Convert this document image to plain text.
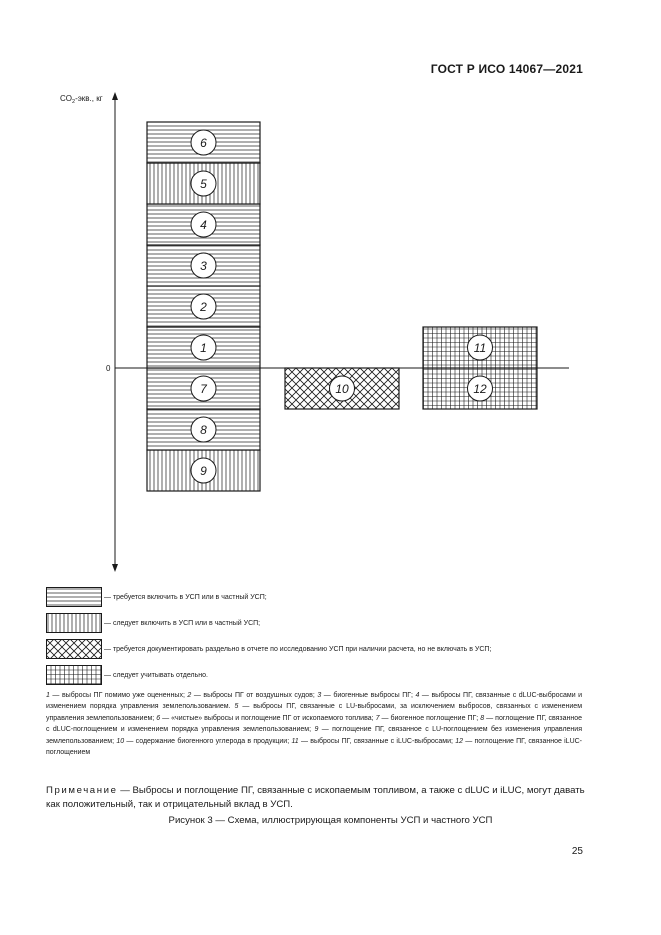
ГОСТ Р ИСО 14067—2021
$CO_2$-экв., кг
0
9
8
7
1
2
3
4
5
6
10	12
11
— требуется включить в УСП или в частный УСП;
— следует включить в УСП или в частный УСП;
— требуется документировать раздельно в отчете по исследованию УСП при наличии расчета, но не включать в УСП;
— следует учитывать отдельно.
1 — выбросы ПГ помимо уже оцененных; 2 — выбросы ПГ от воздушных судов; 3 — биогенные выбросы ПГ; 4 — выбросы ПГ, связанные с dLUC-выбросами и изменением порядка управления землепользованием. 5 — выбросы ПГ, связанные с LU-выбросами, за исключением выбросов, связанных с изменением управления землепользованием; 6 — «чистые» выбросы и поглощение ПГ от ископаемого топлива; 7 — биогенное поглощение ПГ; 8 — поглощение ПГ, связанное с dLUC-поглощением и изменением порядка управления землепользованием; 9 — поглощение ПГ, связанное с LU-поглощением без изменения управления землепользованием; 10 — содержание биогенного углерода в продукции; 11 — выбросы ПГ, связанные с iLUC-выбросами; 12 — поглощение ПГ, связанное iLUC-поглощением
Примечание — Выбросы и поглощение ПГ, связанные с ископаемым топливом, а также с dLUC и iLUC, могут давать как положительный, так и отрицательный вклад в УСП.
Рисунок 3 — Схема, иллюстрирующая компоненты УСП и частного УСП
25
